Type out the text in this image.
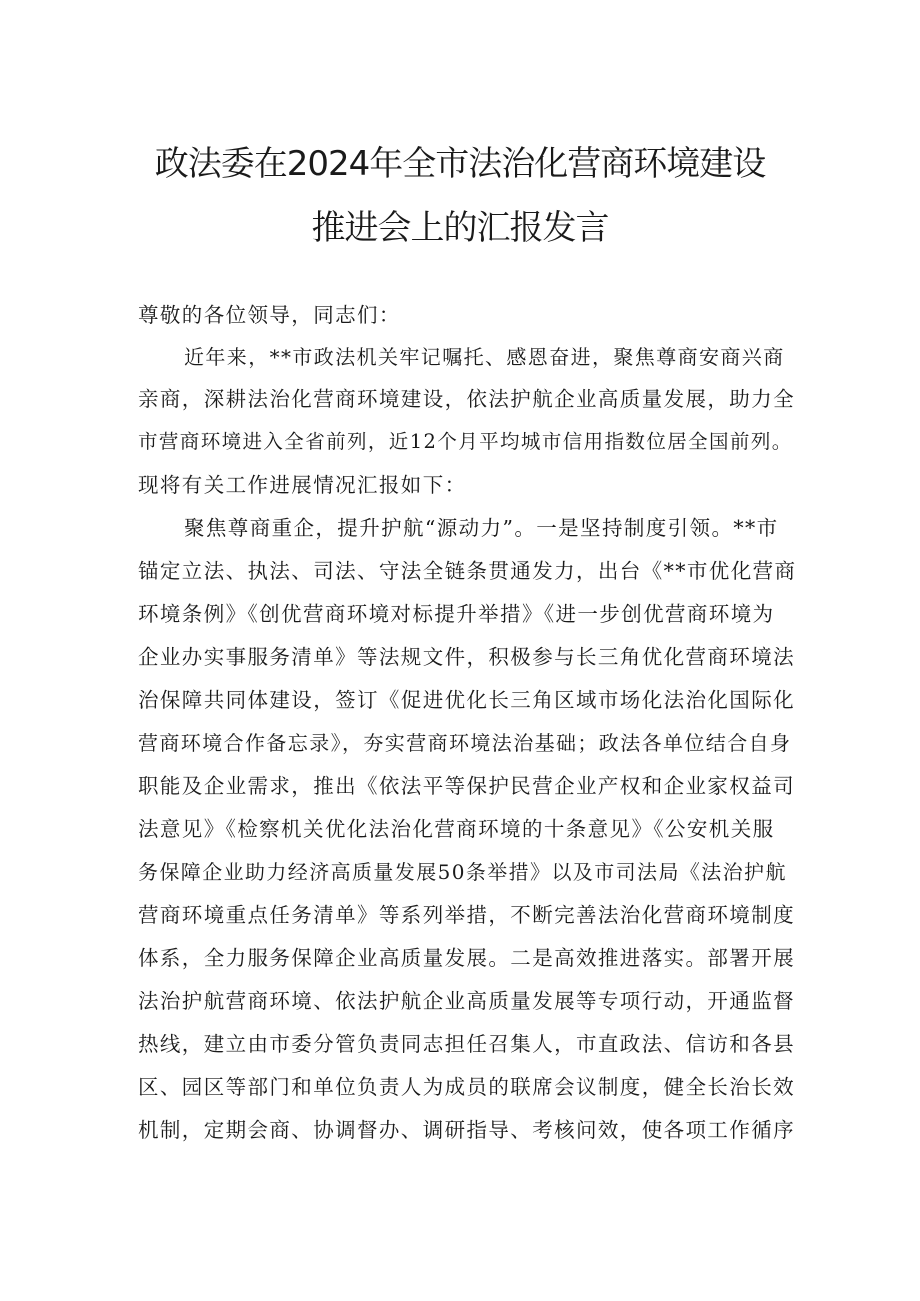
政法委在2024年全市法治化营商环境建设
推进会上的汇报发言
尊敬的各位领导，同志们：
近年来，**市政法机关牢记嘱托、感恩奋进，聚焦尊商安商兴商
亲商，深耕法治化营商环境建设，依法护航企业高质量发展，助力全
市营商环境进入全省前列，近12个月平均城市信用指数位居全国前列。
现将有关工作进展情况汇报如下：
聚焦尊商重企，提升护航“源动力”。一是坚持制度引领。**市
锚定立法、执法、司法、守法全链条贯通发力，出台《**市优化营商
环境条例》《创优营商环境对标提升举措》《进一步创优营商环境为
企业办实事服务清单》等法规文件，积极参与长三角优化营商环境法
治保障共同体建设，签订《促进优化长三角区域市场化法治化国际化
营商环境合作备忘录》，夯实营商环境法治基础；政法各单位结合自身
职能及企业需求，推出《依法平等保护民营企业产权和企业家权益司
法意见》《检察机关优化法治化营商环境的十条意见》《公安机关服
务保障企业助力经济高质量发展50条举措》以及市司法局《法治护航
营商环境重点任务清单》等系列举措，不断完善法治化营商环境制度
体系，全力服务保障企业高质量发展。二是高效推进落实。部署开展
法治护航营商环境、依法护航企业高质量发展等专项行动，开通监督
热线，建立由市委分管负责同志担任召集人，市直政法、信访和各县
区、园区等部门和单位负责人为成员的联席会议制度，健全长治长效
机制，定期会商、协调督办、调研指导、考核问效，使各项工作循序
